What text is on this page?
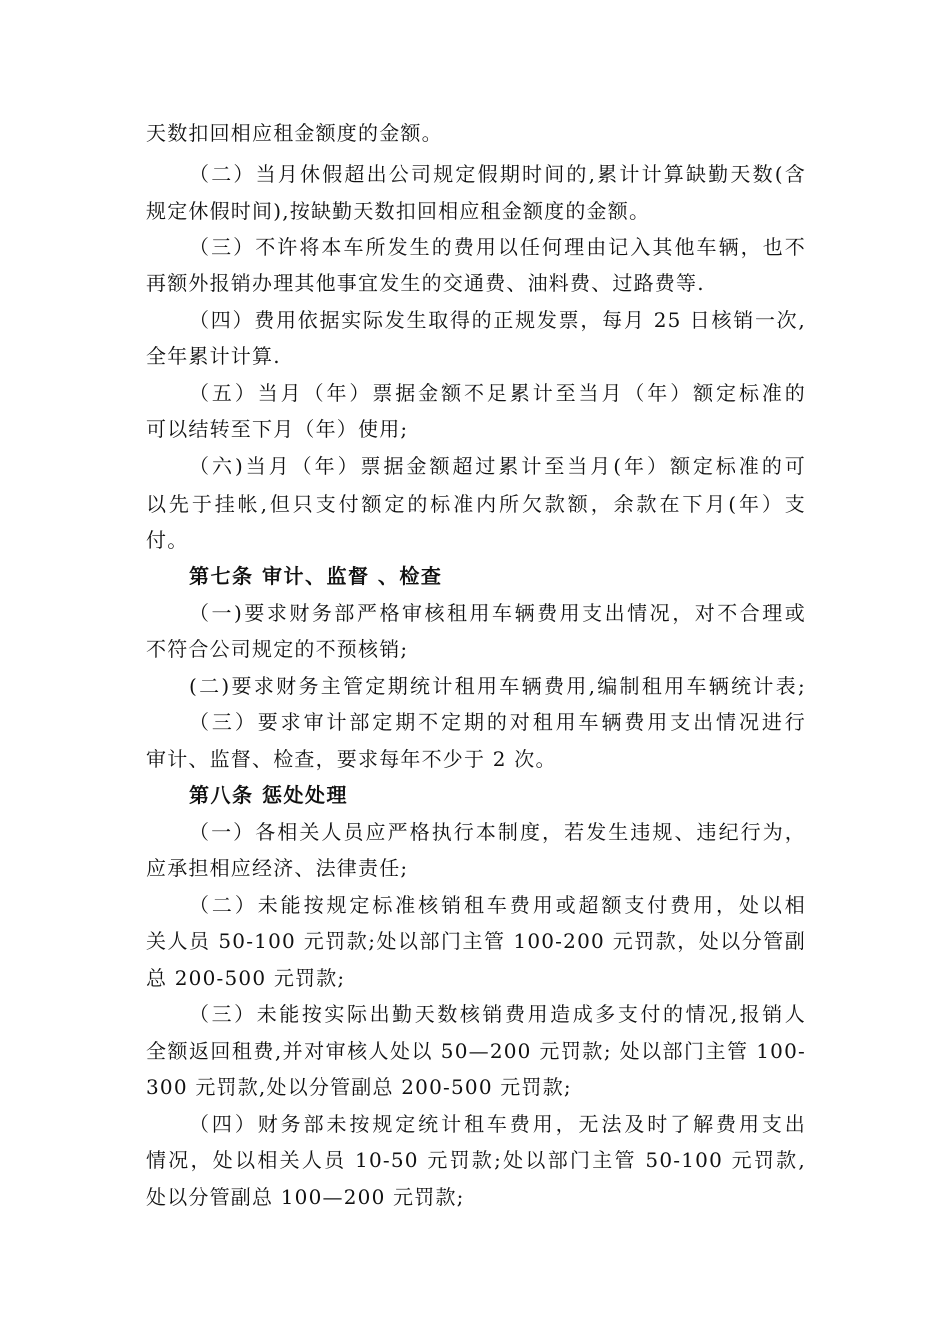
天数扣回相应租金额度的金额。

（二）当月休假超出公司规定假期时间的,累计计算缺勤天数(含

规定休假时间),按缺勤天数扣回相应租金额度的金额。

（三）不许将本车所发生的费用以任何理由记入其他车辆，也不

再额外报销办理其他事宜发生的交通费、油料费、过路费等.

（四）费用依据实际发生取得的正规发票，每月 25 日核销一次,

全年累计计算.

（五）当月（年）票据金额不足累计至当月（年）额定标准的

可以结转至下月（年）使用;

（六)当月（年）票据金额超过累计至当月(年）额定标准的可

以先于挂帐,但只支付额定的标准内所欠款额，余款在下月(年）支

付。

第七条 审计、监督 、检查

（一)要求财务部严格审核租用车辆费用支出情况，对不合理或

不符合公司规定的不预核销;

(二)要求财务主管定期统计租用车辆费用,编制租用车辆统计表;

（三）要求审计部定期不定期的对租用车辆费用支出情况进行

审计、监督、检查，要求每年不少于 2 次。

第八条 惩处处理

（一）各相关人员应严格执行本制度，若发生违规、违纪行为，

应承担相应经济、法律责任;

（二）未能按规定标准核销租车费用或超额支付费用，处以相

关人员 50-100 元罚款;处以部门主管 100-200 元罚款，处以分管副

总 200-500 元罚款;

（三）未能按实际出勤天数核销费用造成多支付的情况,报销人

全额返回租费,并对审核人处以 50—200 元罚款; 处以部门主管 100-

300 元罚款,处以分管副总 200-500 元罚款;

（四）财务部未按规定统计租车费用，无法及时了解费用支出

情况，处以相关人员 10-50 元罚款;处以部门主管 50-100 元罚款,

处以分管副总 100—200 元罚款;
